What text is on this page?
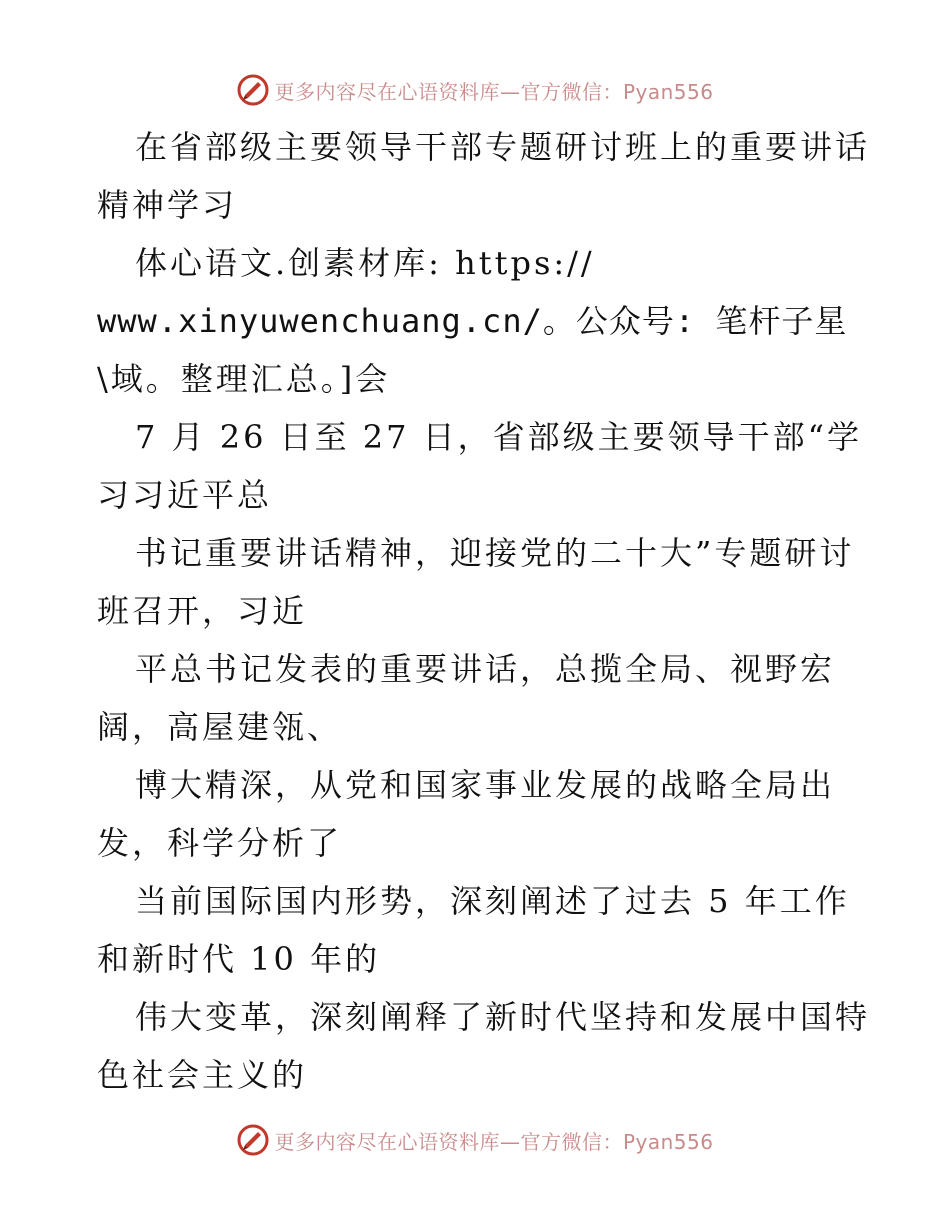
更多内容尽在心语资料库—官方微信：Pyan556
在省部级主要领导干部专题研讨班上的重要讲话
精神学习
体心语文.创素材库: https://
www.xinyuwenchuang.cn/。公众号: 笔杆子星
\域。整理汇总。]会
7 月 26 日至 27 日，省部级主要领导干部“学
习习近平总
书记重要讲话精神，迎接党的二十大”专题研讨
班召开，习近
平总书记发表的重要讲话，总揽全局、视野宏
阔，高屋建瓴、
博大精深，从党和国家事业发展的战略全局出
发，科学分析了
当前国际国内形势，深刻阐述了过去 5 年工作
和新时代 10 年的
伟大变革，深刻阐释了新时代坚持和发展中国特
色社会主义的
更多内容尽在心语资料库—官方微信：Pyan556
